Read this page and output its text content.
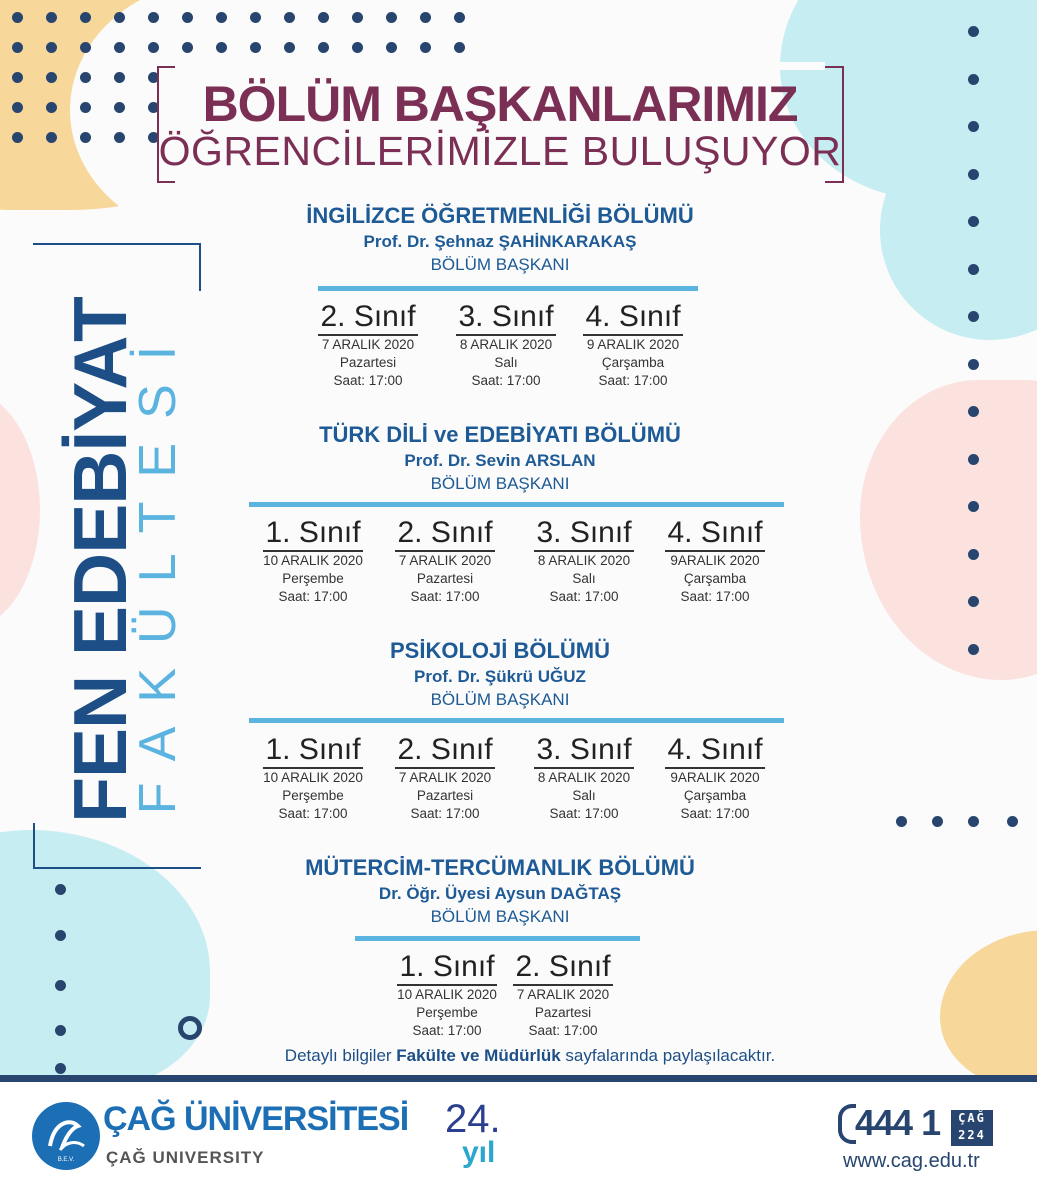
BÖLÜM BAŞKANLARIMIZ
ÖĞRENCİLERİMİZLE BULUŞUYOR
FEN EDEBİYAT
FAKÜLTESİ
İNGİLİZCE ÖĞRETMENLİĞİ BÖLÜMÜ
Prof. Dr. Şehnaz ŞAHİNKARAKAŞ
BÖLÜM BAŞKANI
2. Sınıf
7 ARALIK 2020
Pazartesi
Saat: 17:00
3. Sınıf
8 ARALIK 2020
Salı
Saat: 17:00
4. Sınıf
9 ARALIK 2020
Çarşamba
Saat: 17:00
TÜRK DİLİ ve EDEBİYATI BÖLÜMÜ
Prof. Dr. Sevin ARSLAN
BÖLÜM BAŞKANI
1. Sınıf
10 ARALIK 2020
Perşembe
Saat: 17:00
2. Sınıf
7 ARALIK 2020
Pazartesi
Saat: 17:00
3. Sınıf
8 ARALIK 2020
Salı
Saat: 17:00
4. Sınıf
9ARALIK 2020
Çarşamba
Saat: 17:00
PSİKOLOJİ BÖLÜMÜ
Prof. Dr. Şükrü UĞUZ
BÖLÜM BAŞKANI
1. Sınıf
10 ARALIK 2020
Perşembe
Saat: 17:00
2. Sınıf
7 ARALIK 2020
Pazartesi
Saat: 17:00
3. Sınıf
8 ARALIK 2020
Salı
Saat: 17:00
4. Sınıf
9ARALIK 2020
Çarşamba
Saat: 17:00
MÜTERCİM-TERCÜMANLIK BÖLÜMÜ
Dr. Öğr. Üyesi Aysun DAĞTAŞ
BÖLÜM BAŞKANI
1. Sınıf
10 ARALIK 2020
Perşembe
Saat: 17:00
2. Sınıf
7 ARALIK 2020
Pazartesi
Saat: 17:00
Detaylı bilgiler Fakülte ve Müdürlük sayfalarında paylaşılacaktır.
B.E.V.
ÇAĞ ÜNİVERSİTESİ
ÇAĞ UNIVERSITY
24.
yıl
444 1	ÇAĞ
224
www.cag.edu.tr
